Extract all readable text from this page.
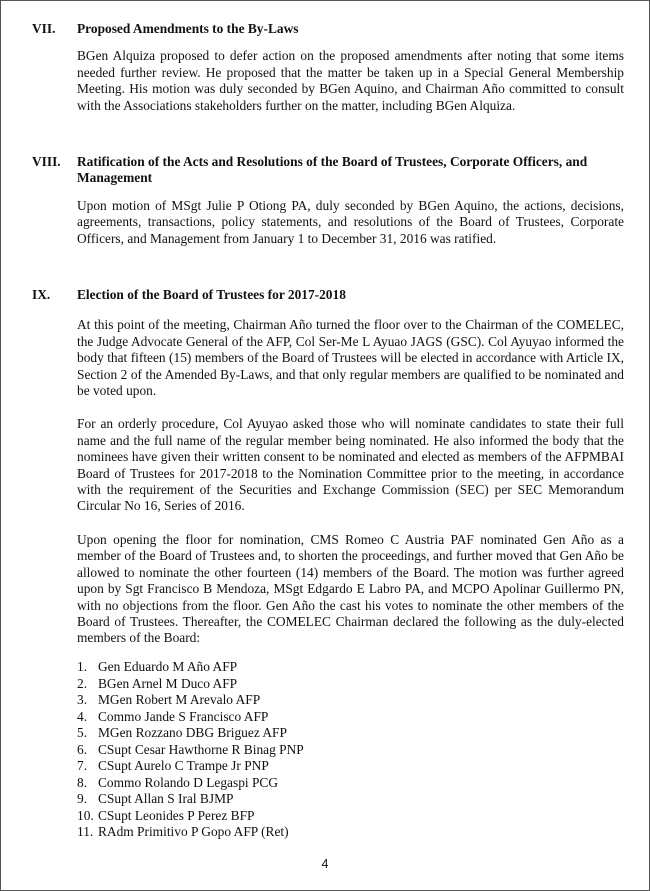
VII.	Proposed Amendments to the By-Laws

BGen Alquiza proposed to defer action on the proposed amendments after noting that some items needed further review. He proposed that the matter be taken up in a Special General Membership Meeting. His motion was duly seconded by BGen Aquino, and Chairman Año committed to consult with the Associations stakeholders further on the matter, including BGen Alquiza.

VIII.	Ratification of the Acts and Resolutions of the Board of Trustees, Corporate Officers, and Management

Upon motion of MSgt Julie P Otiong PA, duly seconded by BGen Aquino, the actions, decisions, agreements, transactions, policy statements, and resolutions of the Board of Trustees, Corporate Officers, and Management from January 1 to December 31, 2016 was ratified.

IX.	Election of the Board of Trustees for 2017-2018

At this point of the meeting, Chairman Año turned the floor over to the Chairman of the COMELEC, the Judge Advocate General of the AFP, Col Ser-Me L Ayuao JAGS (GSC). Col Ayuyao informed the body that fifteen (15) members of the Board of Trustees will be elected in accordance with Article IX, Section 2 of the Amended By-Laws, and that only regular members are qualified to be nominated and be voted upon.

For an orderly procedure, Col Ayuyao asked those who will nominate candidates to state their full name and the full name of the regular member being nominated. He also informed the body that the nominees have given their written consent to be nominated and elected as members of the AFPMBAI Board of Trustees for 2017-2018 to the Nomination Committee prior to the meeting, in accordance with the requirement of the Securities and Exchange Commission (SEC) per SEC Memorandum Circular No 16, Series of 2016.

Upon opening the floor for nomination, CMS Romeo C Austria PAF nominated Gen Año as a member of the Board of Trustees and, to shorten the proceedings, and further moved that Gen Año be allowed to nominate the other fourteen (14) members of the Board. The motion was further agreed upon by Sgt Francisco B Mendoza, MSgt Edgardo E Labro PA, and MCPO Apolinar Guillermo PN, with no objections from the floor. Gen Año the cast his votes to nominate the other members of the Board of Trustees. Thereafter, the COMELEC Chairman declared the following as the duly-elected members of the Board:

1. Gen Eduardo M Año AFP
2. BGen Arnel M Duco AFP
3. MGen Robert M Arevalo AFP
4. Commo Jande S Francisco AFP
5. MGen Rozzano DBG Briguez AFP
6. CSupt Cesar Hawthorne R Binag PNP
7. CSupt Aurelo C Trampe Jr PNP
8. Commo Rolando D Legaspi PCG
9. CSupt Allan S Iral BJMP
10. CSupt Leonides P Perez BFP
11. RAdm Primitivo P Gopo AFP (Ret)
4
